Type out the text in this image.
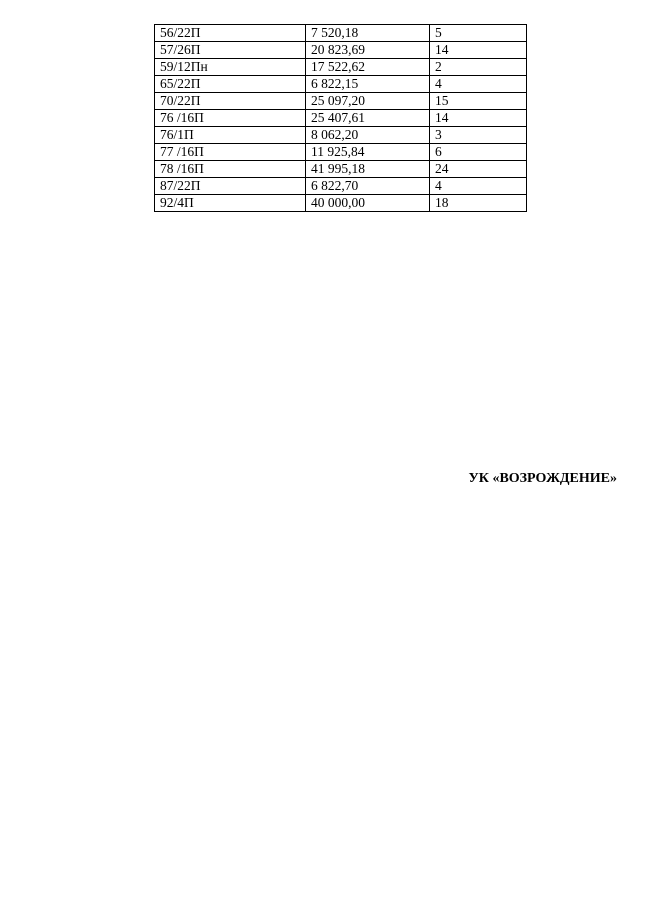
56/22П	7 520,18	5
57/26П	20 823,69	14
59/12Пн	17 522,62	2
65/22П	6 822,15	4
70/22П	25 097,20	15
76 /16П	25 407,61	14
76/1П	8 062,20	3
77 /16П	11 925,84	6
78 /16П	41 995,18	24
87/22П	6 822,70	4
92/4П	40 000,00	18
УК «ВОЗРОЖДЕНИЕ»
